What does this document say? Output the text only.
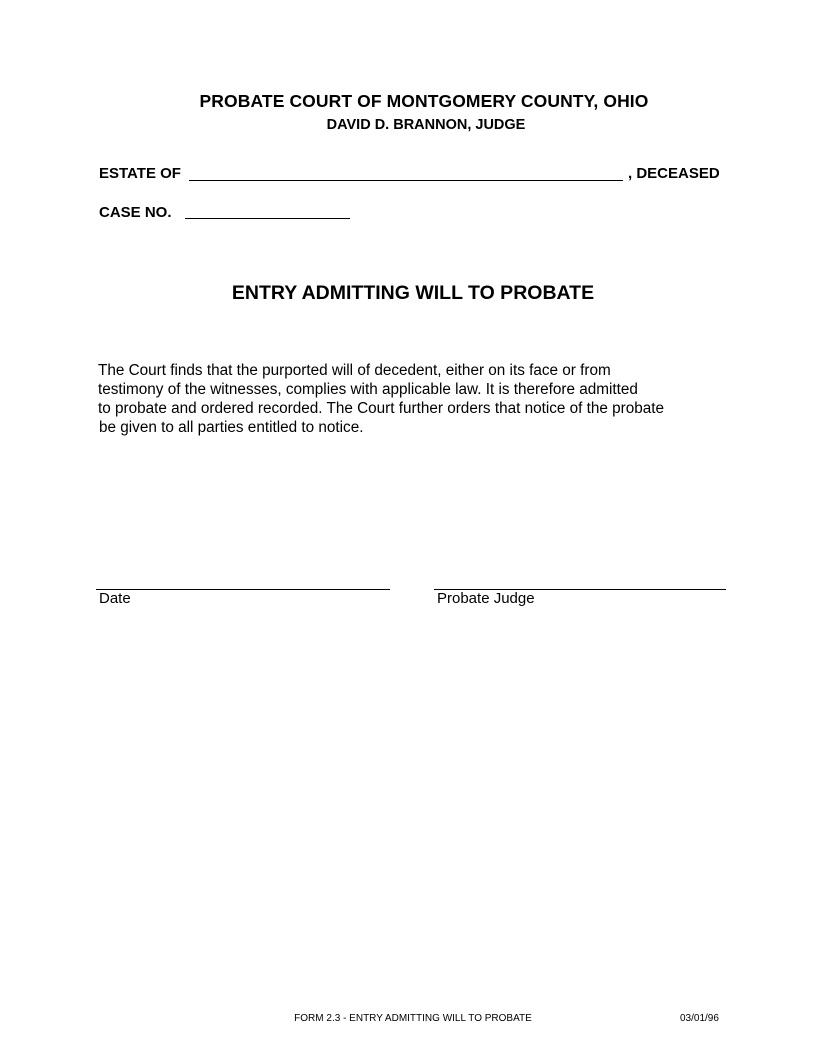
PROBATE COURT OF MONTGOMERY COUNTY, OHIO
DAVID D. BRANNON, JUDGE
ESTATE OF	, DECEASED
CASE NO.
ENTRY ADMITTING WILL TO PROBATE
The Court finds that the purported will of decedent, either on its face or from
testimony of the witnesses, complies with applicable law. It is therefore admitted
to probate and ordered recorded. The Court further orders that notice of the probate
be given to all parties entitled to notice.
Date	Probate Judge
FORM 2.3 - ENTRY ADMITTING WILL TO PROBATE	03/01/96
